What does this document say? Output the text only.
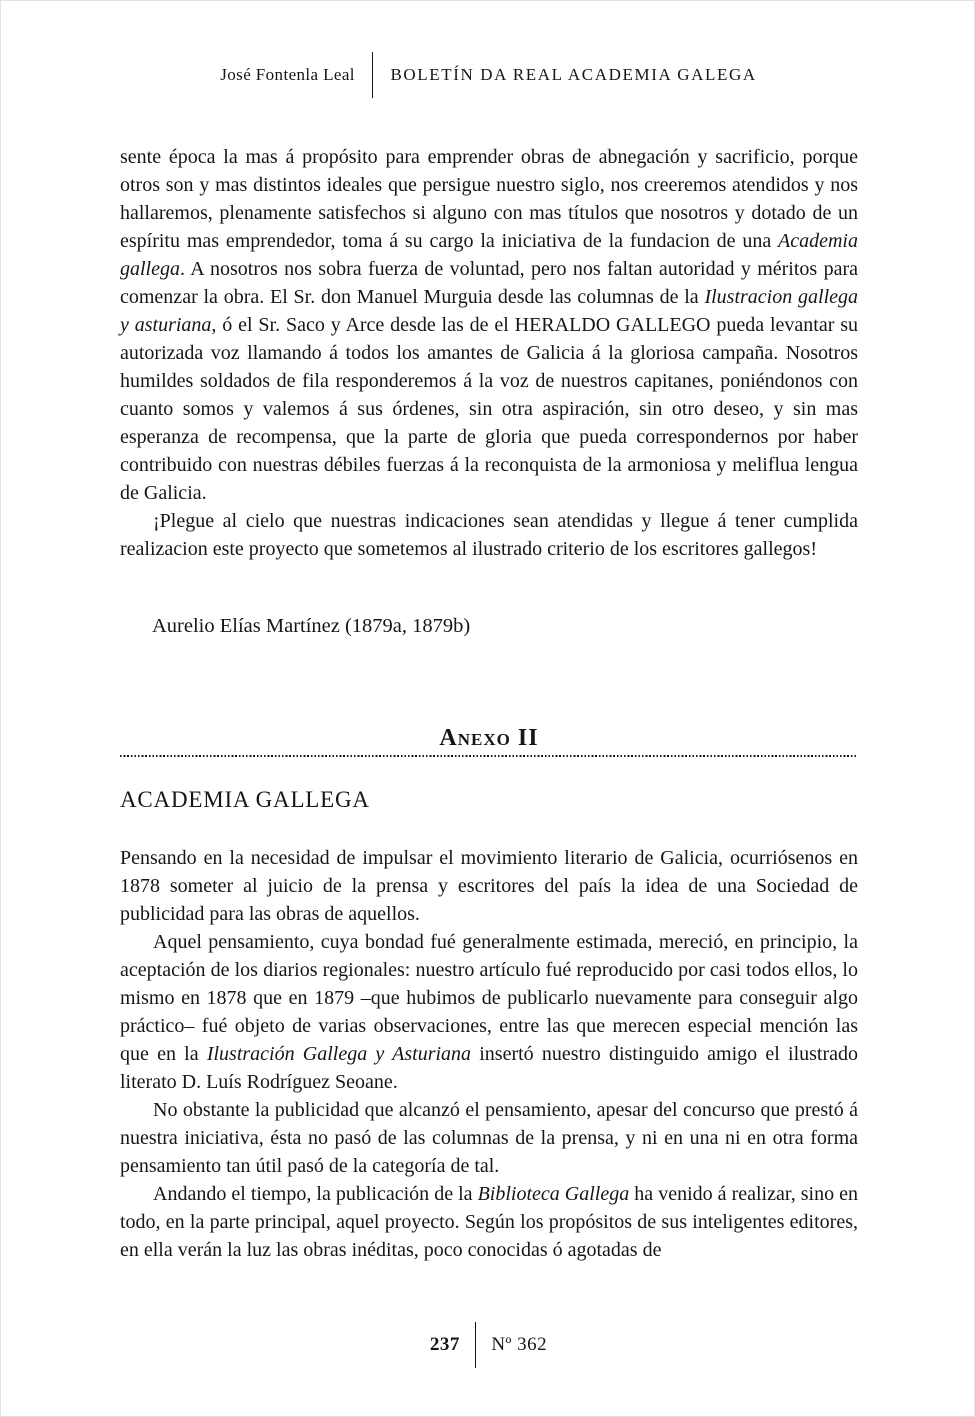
José Fontenla Leal BOLETÍN DA REAL ACADEMIA GALEGA

sente época la mas á propósito para emprender obras de abnegación y sacrificio, porque otros son y mas distintos ideales que persigue nuestro siglo, nos creeremos atendidos y nos hallaremos, plenamente satisfechos si alguno con mas títulos que nosotros y dotado de un espíritu mas emprendedor, toma á su cargo la iniciativa de la fundacion de una Academia gallega. A nosotros nos sobra fuerza de voluntad, pero nos faltan autoridad y méritos para comenzar la obra. El Sr. don Manuel Murguia desde las columnas de la Ilustracion gallega y asturiana, ó el Sr. Saco y Arce desde las de el HERALDO GALLEGO pueda levantar su autorizada voz llamando á todos los amantes de Galicia á la gloriosa campaña. Nosotros humildes soldados de fila responderemos á la voz de nuestros capitanes, poniéndonos con cuanto somos y valemos á sus órdenes, sin otra aspiración, sin otro deseo, y sin mas esperanza de recompensa, que la parte de gloria que pueda correspondernos por haber contribuido con nuestras débiles fuerzas á la reconquista de la armoniosa y meliflua lengua de Galicia.

¡Plegue al cielo que nuestras indicaciones sean atendidas y llegue á tener cumplida realizacion este proyecto que sometemos al ilustrado criterio de los escritores gallegos!

Aurelio Elías Martínez (1879a, 1879b)
Anexo II
ACADEMIA GALLEGA

Pensando en la necesidad de impulsar el movimiento literario de Galicia, ocurriósenos en 1878 someter al juicio de la prensa y escritores del país la idea de una Sociedad de publicidad para las obras de aquellos.

Aquel pensamiento, cuya bondad fué generalmente estimada, mereció, en principio, la aceptación de los diarios regionales: nuestro artículo fué reproducido por casi todos ellos, lo mismo en 1878 que en 1879 –que hubimos de publicarlo nuevamente para conseguir algo práctico– fué objeto de varias observaciones, entre las que merecen especial mención las que en la Ilustración Gallega y Asturiana insertó nuestro distinguido amigo el ilustrado literato D. Luís Rodríguez Seoane.

No obstante la publicidad que alcanzó el pensamiento, apesar del concurso que prestó á nuestra iniciativa, ésta no pasó de las columnas de la prensa, y ni en una ni en otra forma pensamiento tan útil pasó de la categoría de tal.

Andando el tiempo, la publicación de la Biblioteca Gallega ha venido á realizar, sino en todo, en la parte principal, aquel proyecto. Según los propósitos de sus inteligentes editores, en ella verán la luz las obras inéditas, poco conocidas ó agotadas de

237 Nº 362
